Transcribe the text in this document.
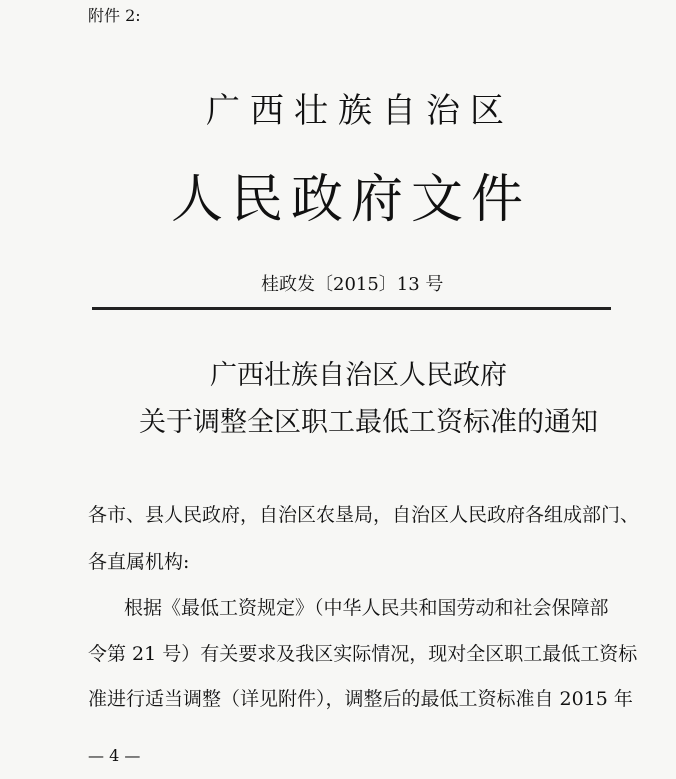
附件 2:
广西壮族自治区
人民政府文件
桂政发〔2015〕13 号
广西壮族自治区人民政府
关于调整全区职工最低工资标准的通知
各市、县人民政府，自治区农垦局，自治区人民政府各组成部门、
各直属机构:
根据《最低工资规定》（中华人民共和国劳动和社会保障部
令第 21 号）有关要求及我区实际情况，现对全区职工最低工资标
准进行适当调整（详见附件），调整后的最低工资标准自 2015 年
— 4 —
